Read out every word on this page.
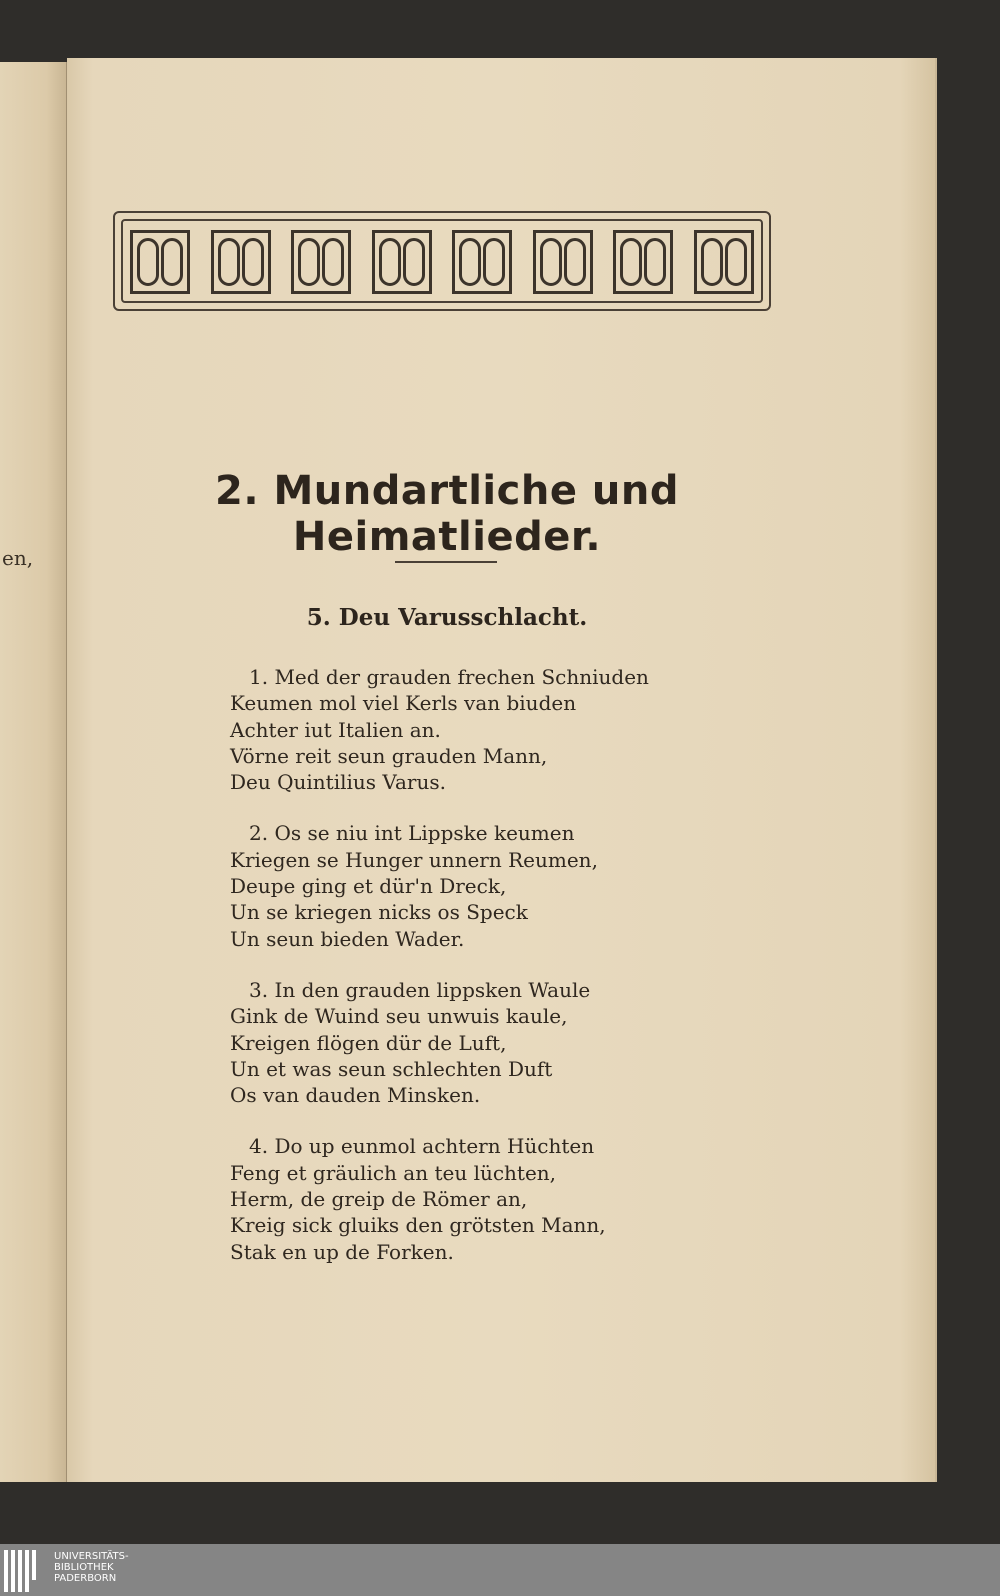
en,
2. Mundartliche und Heimatlieder.
5. Deu Varusschlacht.
1. Med der grauden frechen Schniuden
Keumen mol viel Kerls van biuden
Achter iut Italien an.
Vörne reit seun grauden Mann,
Deu Quintilius Varus.
2. Os se niu int Lippske keumen
Kriegen se Hunger unnern Reumen,
Deupe ging et dür'n Dreck,
Un se kriegen nicks os Speck
Un seun bieden Wader.
3. In den grauden lippsken Waule
Gink de Wuind seu unwuis kaule,
Kreigen flögen dür de Luft,
Un et was seun schlechten Duft
Os van dauden Minsken.
4. Do up eunmol achtern Hüchten
Feng et gräulich an teu lüchten,
Herm, de greip de Römer an,
Kreig sick gluiks den grötsten Mann,
Stak en up de Forken.
UNIVERSITÄTS-
BIBLIOTHEK
PADERBORN
